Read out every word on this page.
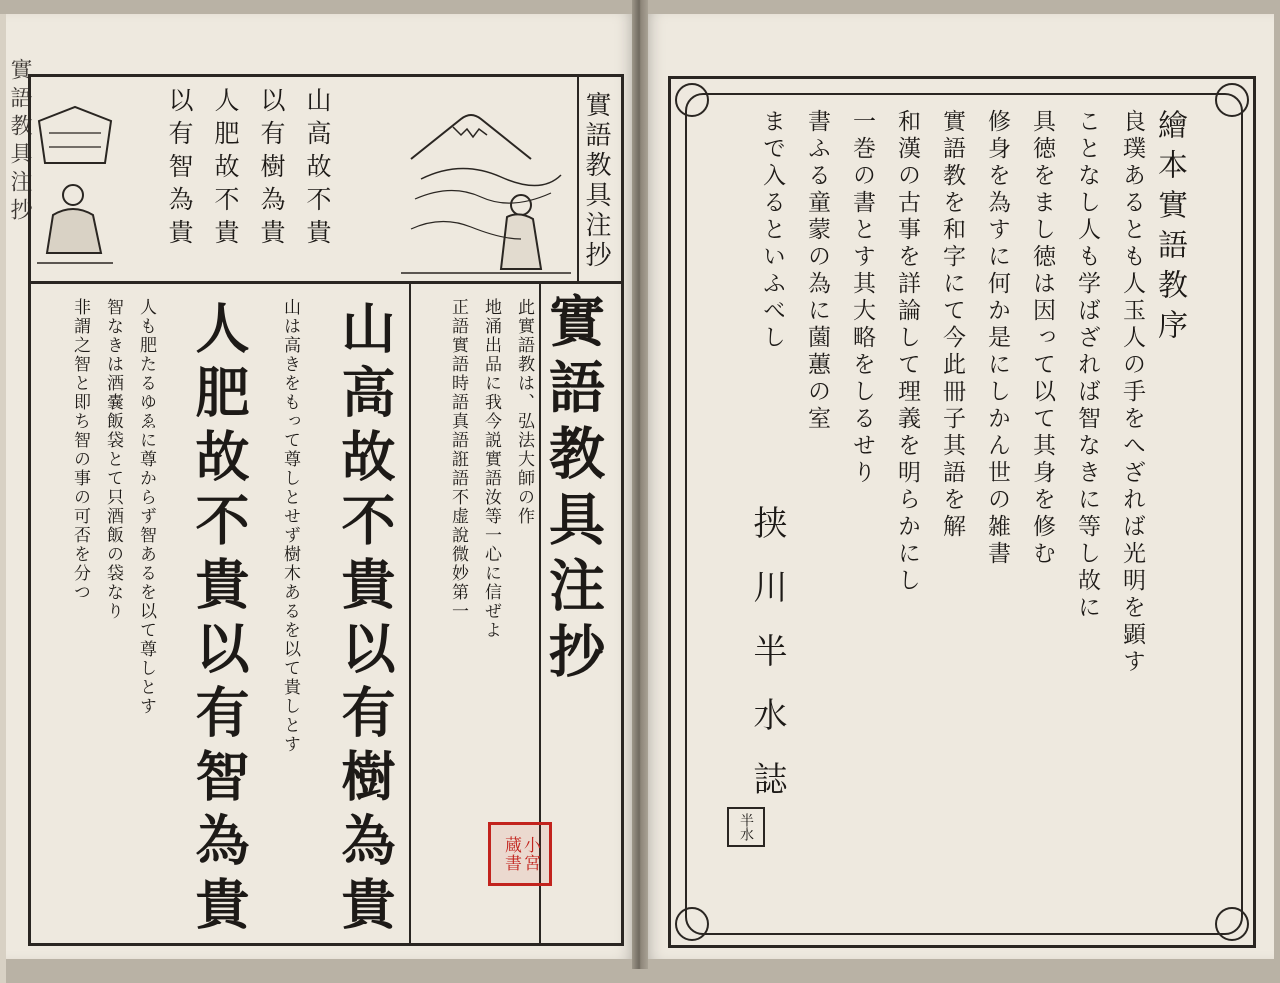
實語教具注抄	實語教具注抄
山高故不貴
以有樹為貴
人肥故不貴
以有智為貴
實語教具注抄
此實語教は、弘法大師の作
地涌出品に我今説實語汝等一心に信ぜよ
正語實語時語真語誑語不虚說微妙第一
山高故不貴以有樹為貴
山は高きをもって尊しとせず樹木あるを以て貴しとす
人肥故不貴以有智為貴
人も肥たるゆゑに尊からず智あるを以て尊しとす
智なきは酒嚢飯袋とて只酒飯の袋なり
非謂之智と即ち智の事の可否を分つ
小宮
蔵書
繪本實語教序
良璞あるとも人玉人の手をへざれば光明を顕す
ことなし人も学ばざれば智なきに等し故に
具徳をまし徳は因って以て其身を修む
修身を為すに何か是にしかん世の雑書
實語教を和字にて今此冊子其語を解
和漢の古事を詳論して理義を明らかにし
一巻の書とす其大略をしるせり
書ふる童蒙の為に薗蕙の室
まで入るといふべし
挟川半水誌
半水
